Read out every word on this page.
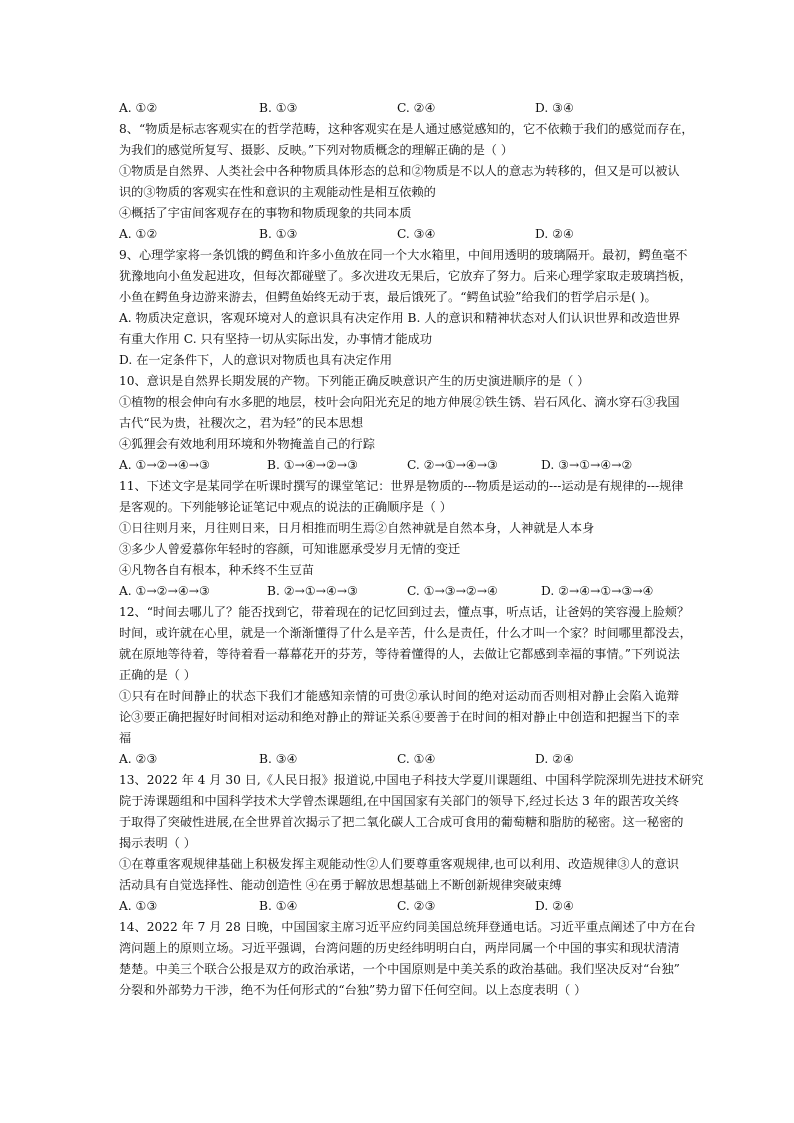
A. ①②	B. ①③	C. ②④	D. ③④
8、“物质是标志客观实在的哲学范畴，这种客观实在是人通过感觉感知的，它不依赖于我们的感觉而存在，
为我们的感觉所复写、摄影、反映。”下列对物质概念的理解正确的是（ ）
①物质是自然界、人类社会中各种物质具体形态的总和②物质是不以人的意志为转移的，但又是可以被认
识的③物质的客观实在性和意识的主观能动性是相互依赖的
④概括了宇宙间客观存在的事物和物质现象的共同本质
A. ①②	B. ①③	C. ③④	D. ②④
9、心理学家将一条饥饿的鳄鱼和许多小鱼放在同一个大水箱里，中间用透明的玻璃隔开。最初，鳄鱼毫不
犹豫地向小鱼发起进攻，但每次都碰壁了。多次进攻无果后，它放弃了努力。后来心理学家取走玻璃挡板，
小鱼在鳄鱼身边游来游去，但鳄鱼始终无动于衷，最后饿死了。“鳄鱼试验”给我们的哲学启示是( )。
A. 物质决定意识，客观环境对人的意识具有决定作用 B. 人的意识和精神状态对人们认识世界和改造世界
有重大作用 C. 只有坚持一切从实际出发，办事情才能成功
D. 在一定条件下，人的意识对物质也具有决定作用
10、意识是自然界长期发展的产物。下列能正确反映意识产生的历史演进顺序的是（ ）
①植物的根会伸向有水多肥的地层，枝叶会向阳光充足的地方伸展②铁生锈、岩石风化、滴水穿石③我国
古代“民为贵，社稷次之，君为轻”的民本思想
④狐狸会有效地利用环境和外物掩盖自己的行踪
A. ①→②→④→③	B. ①→④→②→③	C. ②→①→④→③	D. ③→①→④→②
11、下述文字是某同学在听课时撰写的课堂笔记：世界是物质的---物质是运动的---运动是有规律的---规律
是客观的。下列能够论证笔记中观点的说法的正确顺序是（ ）
①日往则月来，月往则日来，日月相推而明生焉②自然神就是自然本身，人神就是人本身
③多少人曾爱慕你年轻时的容颜，可知谁愿承受岁月无情的变迁
④凡物各自有根本，种禾终不生豆苗
A. ①→②→④→③	B. ②→①→④→③	C. ①→③→②→④	D. ②→④→①→③→④
12、“时间去哪儿了？能否找到它，带着现在的记忆回到过去，懂点事，听点话，让爸妈的笑容漫上脸颊？
时间，或许就在心里，就是一个渐渐懂得了什么是辛苦，什么是责任，什么才叫一个家？时间哪里都没去，
就在原地等待着，等待着看一幕幕花开的芬芳，等待着懂得的人，去做让它都感到幸福的事情。”下列说法
正确的是（ ）
①只有在时间静止的状态下我们才能感知亲情的可贵②承认时间的绝对运动而否则相对静止会陷入诡辩
论③要正确把握好时间相对运动和绝对静止的辩证关系④要善于在时间的相对静止中创造和把握当下的幸
福
A. ②③	B. ③④	C. ①④	D. ②④
13、2022 年 4 月 30 日,《人民日报》报道说,中国电子科技大学夏川课题组、中国科学院深圳先进技术研究
院于涛课题组和中国科学技术大学曾杰课题组,在中国国家有关部门的领导下,经过长达 3 年的跟苦攻关终
于取得了突破性进展,在全世界首次揭示了把二氧化碳人工合成可食用的葡萄糖和脂肪的秘密。这一秘密的
揭示表明（ ）
①在尊重客观规律基础上积极发挥主观能动性②人们要尊重客观规律,也可以利用、改造规律③人的意识
活动具有自觉选择性、能动创造性 ④在勇于解放思想基础上不断创新规律突破束缚
A. ①③	B. ①④	C. ②③	D. ②④
14、2022 年 7 月 28 日晚，中国国家主席习近平应约同美国总统拜登通电话。习近平重点阐述了中方在台
湾问题上的原则立场。习近平强调，台湾问题的历史经纬明明白白，两岸同属一个中国的事实和现状清清
楚楚。中美三个联合公报是双方的政治承诺，一个中国原则是中美关系的政治基础。我们坚决反对“台独”
分裂和外部势力干涉，绝不为任何形式的“台独”势力留下任何空间。以上态度表明（ ）
